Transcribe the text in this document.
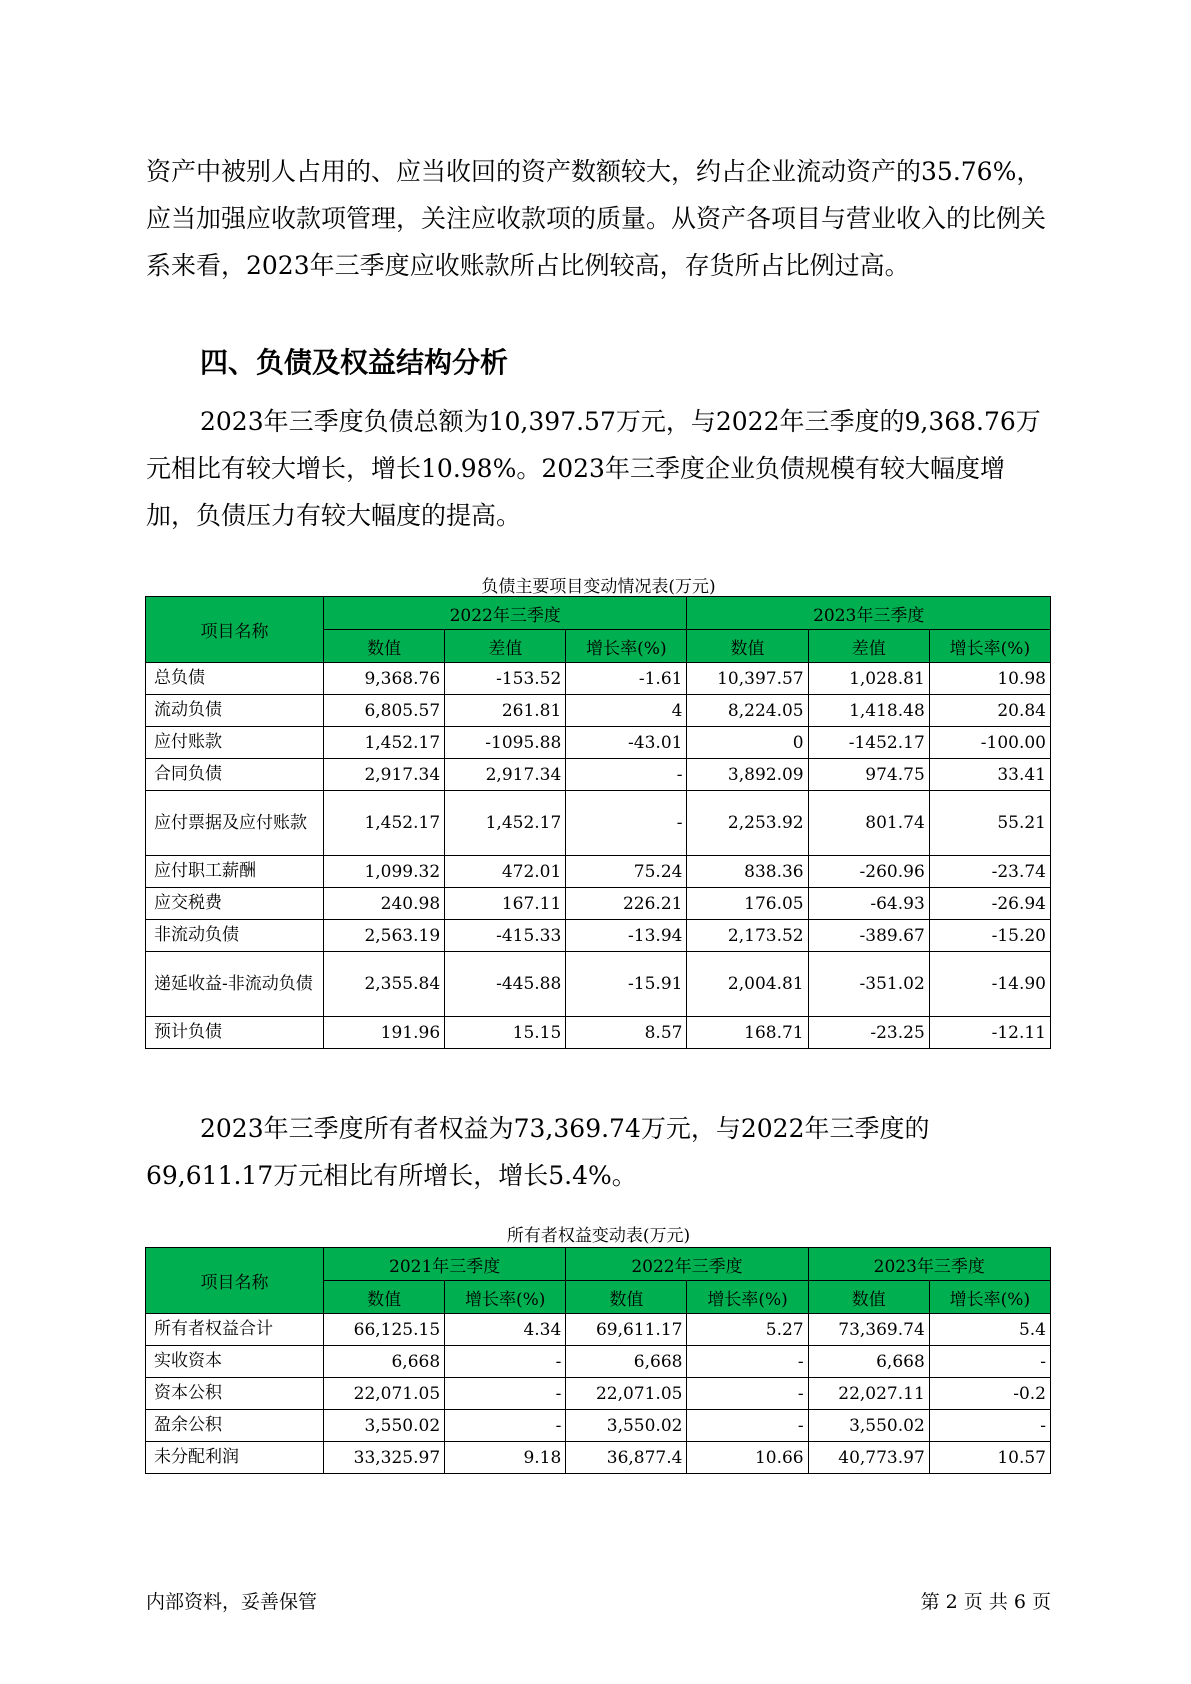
资产中被别人占用的、应当收回的资产数额较大，约占企业流动资产的35.76%，应当加强应收款项管理，关注应收款项的质量。从资产各项目与营业收入的比例关系来看，2023年三季度应收账款所占比例较高，存货所占比例过高。

四、负债及权益结构分析

2023年三季度负债总额为10,397.57万元，与2022年三季度的9,368.76万元相比有较大增长，增长10.98%。2023年三季度企业负债规模有较大幅度增加，负债压力有较大幅度的提高。

负债主要项目变动情况表(万元)
项目名称	2022年三季度			2023年三季度		
	数值	差值	增长率(%)	数值	差值	增长率(%)
总负债	9,368.76	-153.52	-1.61	10,397.57	1,028.81	10.98
流动负债	6,805.57	261.81	4	8,224.05	1,418.48	20.84
应付账款	1,452.17	-1095.88	-43.01	0	-1452.17	-100.00
合同负债	2,917.34	2,917.34	-	3,892.09	974.75	33.41
应付票据及应付账款	1,452.17	1,452.17	-	2,253.92	801.74	55.21
应付职工薪酬	1,099.32	472.01	75.24	838.36	-260.96	-23.74
应交税费	240.98	167.11	226.21	176.05	-64.93	-26.94
非流动负债	2,563.19	-415.33	-13.94	2,173.52	-389.67	-15.20
递延收益-非流动负债	2,355.84	-445.88	-15.91	2,004.81	-351.02	-14.90
预计负债	191.96	15.15	8.57	168.71	-23.25	-12.11

2023年三季度所有者权益为73,369.74万元，与2022年三季度的69,611.17万元相比有所增长，增长5.4%。

所有者权益变动表(万元)
项目名称	2021年三季度		2022年三季度		2023年三季度	
	数值	增长率(%)	数值	增长率(%)	数值	增长率(%)
所有者权益合计	66,125.15	4.34	69,611.17	5.27	73,369.74	5.4
实收资本	6,668	-	6,668	-	6,668	-
资本公积	22,071.05	-	22,071.05	-	22,027.11	-0.2
盈余公积	3,550.02	-	3,550.02	-	3,550.02	-
未分配利润	33,325.97	9.18	36,877.4	10.66	40,773.97	10.57
内部资料，妥善保管	第 2 页 共 6 页
